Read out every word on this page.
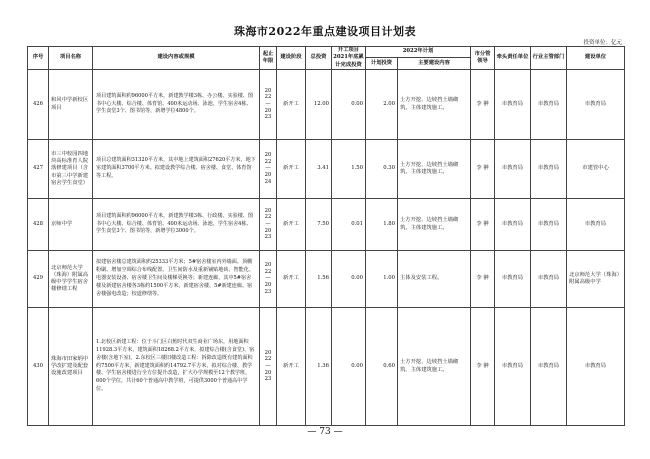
珠海市2022年重点建设项目计划表
投资单位：亿元
序号	项目名称	建设内容或规模	起止年限	建设阶段	总投资	开工项目2021年底累计完成投资	2022年计划		市分管领导	牵头责任单位	行业主管部门	建设单位
							计划投资	主要建设内容				
426	和风中学新校区项目	项目建筑面积约96000平方米，新建教学楼3栋、办公楼、实验楼、图书中心大楼、综合楼、体育馆、400米运动场、泳池、学生宿舍4栋、学生食堂3个、图书馆等，新增学位4800个。	2022—2023	新开工	12.00	0.00	2.00	土方开挖、边坡挡土墙砌筑、主体建筑施工。	李 翀	市教育局	市教育局	市教育局
427	市三中校园四地块高标准育人院落修建项目（含市第三中学新建宿舍学生食堂）	项目总建筑面积31320平方米，其中地上建筑面积27620平方米，地下室建筑面积3700平方米。拟建设教学综合楼、宿舍楼、食堂、体育馆等工程。	2022—2024	新开工	3.41	1.50	0.30	土方开挖、边坡挡土墙砌筑、主体建筑施工。	李 翀	市教育局	市教育局	市建管中心
428	京师中学	项目建筑面积约96000平方米，新建教学楼3栋、行政楼、实验楼、图书中心大楼、综合楼、体育馆、400米运动场、泳池、学生宿舍4栋、学生食堂3个、图书馆等，新增学位3000个。	2022—2023	新开工	7.50	0.01	1.80	土方开挖、边坡挡土墙砌筑、主体建筑施工。	李 翀	市教育局	市教育局	市教育局
429	北京师范大学（珠海）附属高级中学学生宿舍楼修缮工程	拟建宿舍楼总建筑面积约25333平方米；5#宿舍楼室内外墙面、顶棚粉刷、增加空调综合布线配置、卫生间防水及重新铺贴地砖、智能化、电器安装设备、宿舍楼卫生间及楼梯更换等；新建连廊，其中5#宿舍楼及新建宿舍楼各3栋约1500平方米，新建宿舍楼、5#新建连廊。宿舍楼强电改造；校道修缮等。	2022—2023	新开工	1.56	0.00	1.00	主体及安装工程。	李 翀	市教育局	市教育局	北京师范大学（珠海）附属高级中学
430	珠海市田家炳中学改扩建及配套设施改建项目	1.北校区新建工程：位于斗门区白蕉时代双生商业广场东，用地面积11928.3平方米，建筑面积18268.2平方米，拟建综合楼(含食堂)、宿舍楼(含地下室)。2.东校区三楼旧楼改造工程：拆除改造既有建筑面积约7500平方米，新建建筑面积约14792.7平方米，拟对综合楼、教学楼、学生宿舍楼进行全方位提升改造，扩大办学规模至12个教学班，600个学位，共计60个普通高中教学班，可提供3000个普通高中学位。	2022—2023	新开工	1.36	0.00	0.60	土方开挖、边坡挡土墙砌筑、主体建筑施工。	李 翀	市教育局	市教育局	市教育局
— 73 —
